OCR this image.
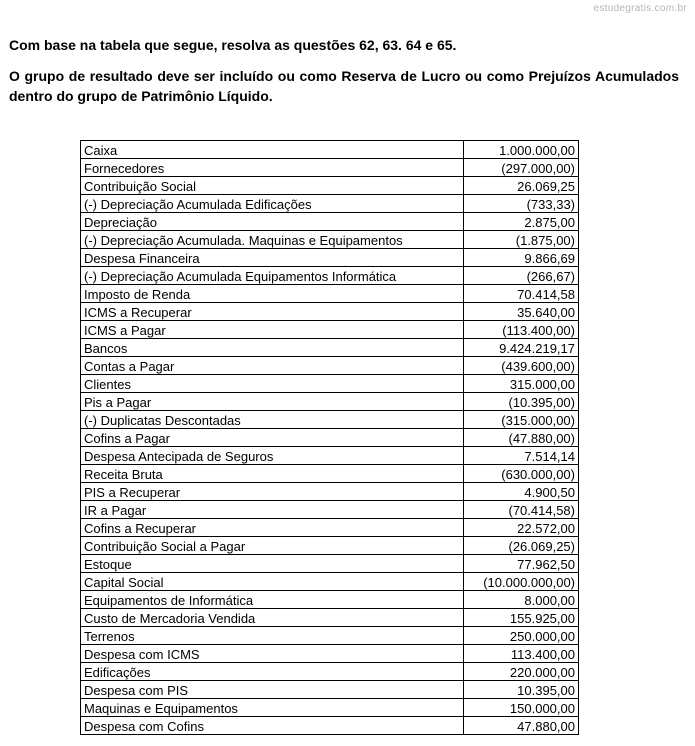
estudegratis.com.br

Com base na tabela que segue, resolva as questões 62, 63. 64 e 65.

O grupo de resultado deve ser incluído ou como Reserva de Lucro ou como Prejuízos Acumulados dentro do grupo de Patrimônio Líquido.

Caixa	1.000.000,00
Fornecedores	(297.000,00)
Contribuição Social	26.069,25
(-) Depreciação Acumulada Edificações	(733,33)
Depreciação	2.875,00
(-) Depreciação Acumulada. Maquinas e Equipamentos	(1.875,00)
Despesa Financeira	9.866,69
(-) Depreciação Acumulada Equipamentos Informática	(266,67)
Imposto de Renda	70.414,58
ICMS a Recuperar	35.640,00
ICMS a Pagar	(113.400,00)
Bancos	9.424.219,17
Contas a Pagar	(439.600,00)
Clientes	315.000,00
Pis a Pagar	(10.395,00)
(-) Duplicatas Descontadas	(315.000,00)
Cofins a Pagar	(47.880,00)
Despesa Antecipada de Seguros	7.514,14
Receita Bruta	(630.000,00)
PIS a Recuperar	4.900,50
IR a Pagar	(70.414,58)
Cofins a Recuperar	22.572,00
Contribuição Social a Pagar	(26.069,25)
Estoque	77.962,50
Capital Social	(10.000.000,00)
Equipamentos de Informática	8.000,00
Custo de Mercadoria Vendida	155.925,00
Terrenos	250.000,00
Despesa com ICMS	113.400,00
Edificações	220.000,00
Despesa com PIS	10.395,00
Maquinas e Equipamentos	150.000,00
Despesa com Cofins	47.880,00
